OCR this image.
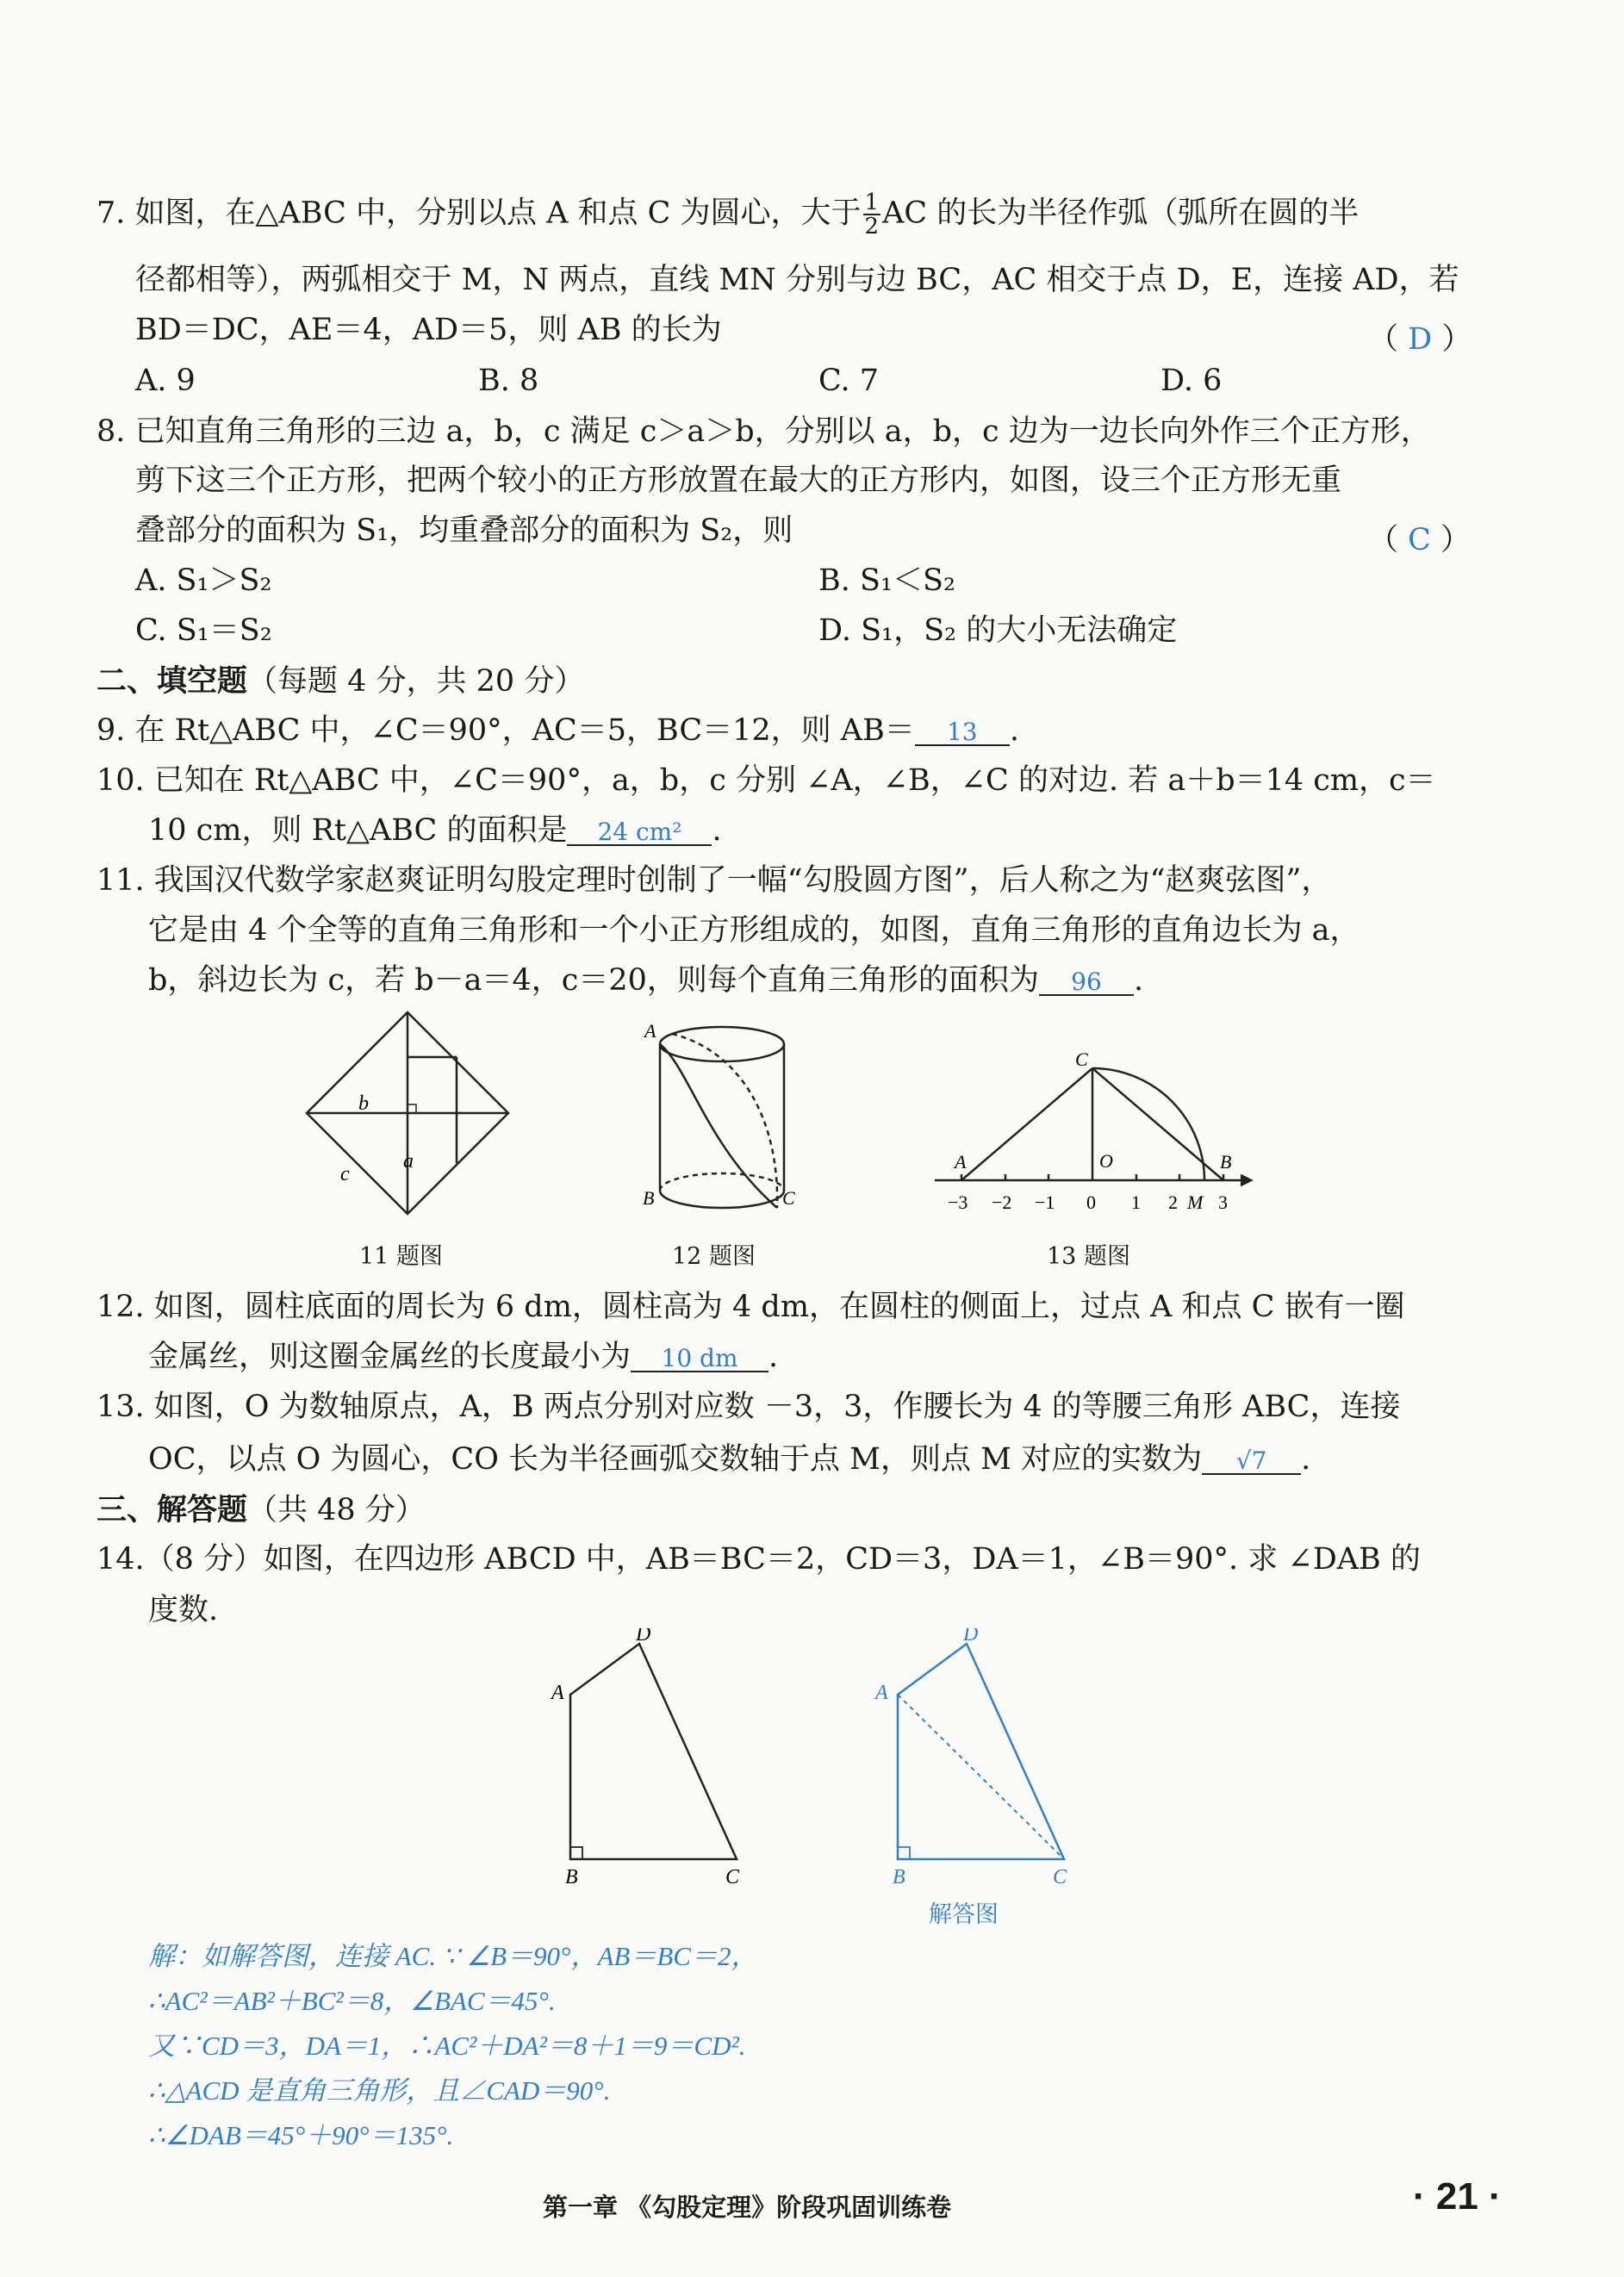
7. 如图，在△ABC 中，分别以点 A 和点 C 为圆心，大于 $\frac{1}{2}$ AC 的长为半径作弧（弧所在圆的半
径都相等），两弧相交于 M，N 两点，直线 MN 分别与边 BC，AC 相交于点 D，E，连接 AD，若
BD＝DC，AE＝4，AD＝5，则 AB 的长为	（ D ）
A. 9	B. 8	C. 7	D. 6
8. 已知直角三角形的三边 a，b，c 满足 c＞a＞b，分别以 a，b，c 边为一边长向外作三个正方形，
剪下这三个正方形，把两个较小的正方形放置在最大的正方形内，如图，设三个正方形无重
叠部分的面积为 S₁，均重叠部分的面积为 S₂，则	（ C ）
A. S₁＞S₂	B. S₁＜S₂
C. S₁＝S₂	D. S₁，S₂ 的大小无法确定
二、填空题（每题 4 分，共 20 分）
9. 在 Rt△ABC 中，∠C＝90°，AC＝5，BC＝12，则 AB＝ 13 .
10. 已知在 Rt△ABC 中，∠C＝90°，a，b，c 分别 ∠A，∠B，∠C 的对边. 若 a＋b＝14 cm，c＝
10 cm，则 Rt△ABC 的面积是 24 cm² .
11. 我国汉代数学家赵爽证明勾股定理时创制了一幅“勾股圆方图”，后人称之为“赵爽弦图”，
它是由 4 个全等的直角三角形和一个小正方形组成的，如图，直角三角形的直角边长为 a，
b，斜边长为 c，若 b－a＝4，c＝20，则每个直角三角形的面积为 96 .
b
a
c
11 题图
A
B	C
12 题图
C
A	O	B
−3 −2 −1 0 1 2 M 3
13 题图
12. 如图，圆柱底面的周长为 6 dm，圆柱高为 4 dm，在圆柱的侧面上，过点 A 和点 C 嵌有一圈
金属丝，则这圈金属丝的长度最小为 10 dm .
13. 如图，O 为数轴原点，A，B 两点分别对应数 －3，3，作腰长为 4 的等腰三角形 ABC，连接
OC，以点 O 为圆心，CO 长为半径画弧交数轴于点 M，则点 M 对应的实数为 √7 .
三、解答题（共 48 分）
14.（8 分）如图，在四边形 ABCD 中，AB＝BC＝2，CD＝3，DA＝1，∠B＝90°. 求 ∠DAB 的
度数.
A
D
B	C
A
D
B	C
解答图
解：如解答图，连接 AC. ∵ ∠B＝90°，AB＝BC＝2，
∴AC²＝AB²＋BC²＝8，∠BAC＝45°.
又∵CD＝3，DA＝1，∴AC²＋DA²＝8＋1＝9＝CD².
∴△ACD 是直角三角形，且∠CAD＝90°.
∴∠DAB＝45°＋90°＝135°.
第一章 《勾股定理》阶段巩固训练卷	· 21 ·
